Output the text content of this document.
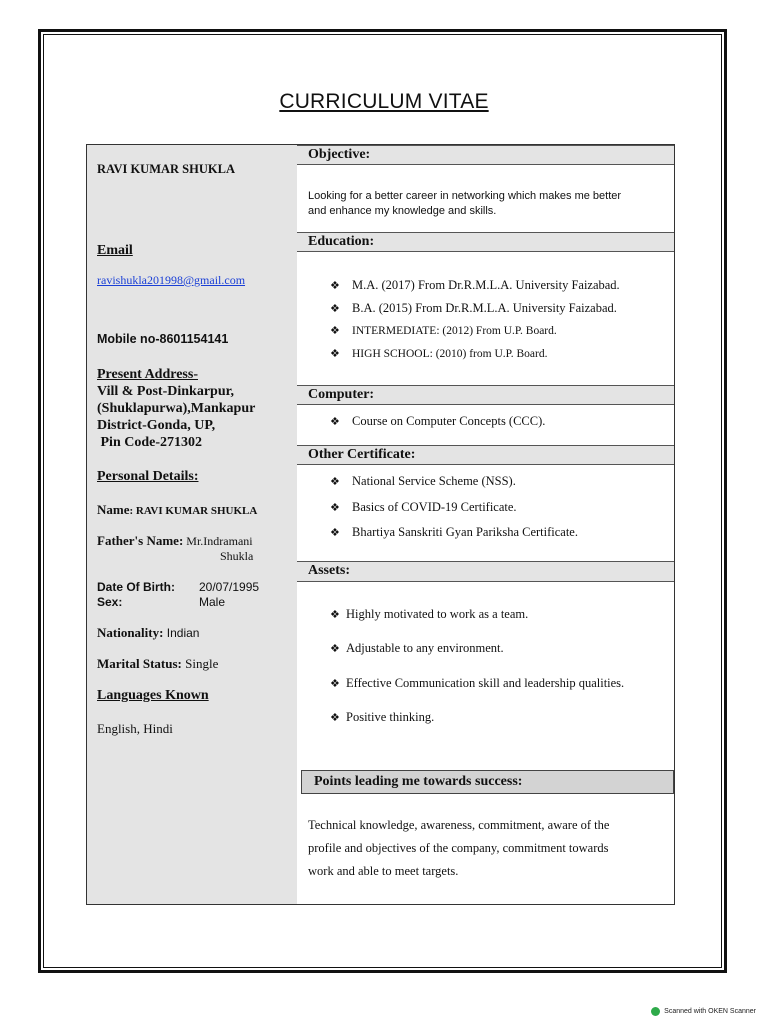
CURRICULUM VITAE
RAVI KUMAR SHUKLA
Email
ravishukla201998@gmail.com
Mobile no-8601154141
Present Address-
Vill & Post-Dinkarpur,
(Shuklapurwa),Mankapur
District-Gonda, UP,
Pin Code-271302
Personal Details:
Name: RAVI KUMAR SHUKLA
Father's Name: Mr.Indramani
Shukla
Date Of Birth: 20/07/1995
Sex:	Male
Nationality: Indian
Marital Status: Single
Languages Known
English, Hindi
Objective:
Looking for a better career in networking which makes me better
and enhance my knowledge and skills.
Education:
❖ M.A. (2017) From Dr.R.M.L.A. University Faizabad.
❖ B.A. (2015) From Dr.R.M.L.A. University Faizabad.
❖ INTERMEDIATE: (2012) From U.P. Board.
❖ HIGH SCHOOL: (2010) from U.P. Board.
Computer:
❖ Course on Computer Concepts (CCC).
Other Certificate:
❖ National Service Scheme (NSS).
❖ Basics of COVID-19 Certificate.
❖ Bhartiya Sanskriti Gyan Pariksha Certificate.
Assets:
❖ Highly motivated to work as a team.
❖ Adjustable to any environment.
❖ Effective Communication skill and leadership qualities.
❖ Positive thinking.
Points leading me towards success:
Technical knowledge, awareness, commitment, aware of the
profile and objectives of the company, commitment towards
work and able to meet targets.
Scanned with OKEN Scanner
